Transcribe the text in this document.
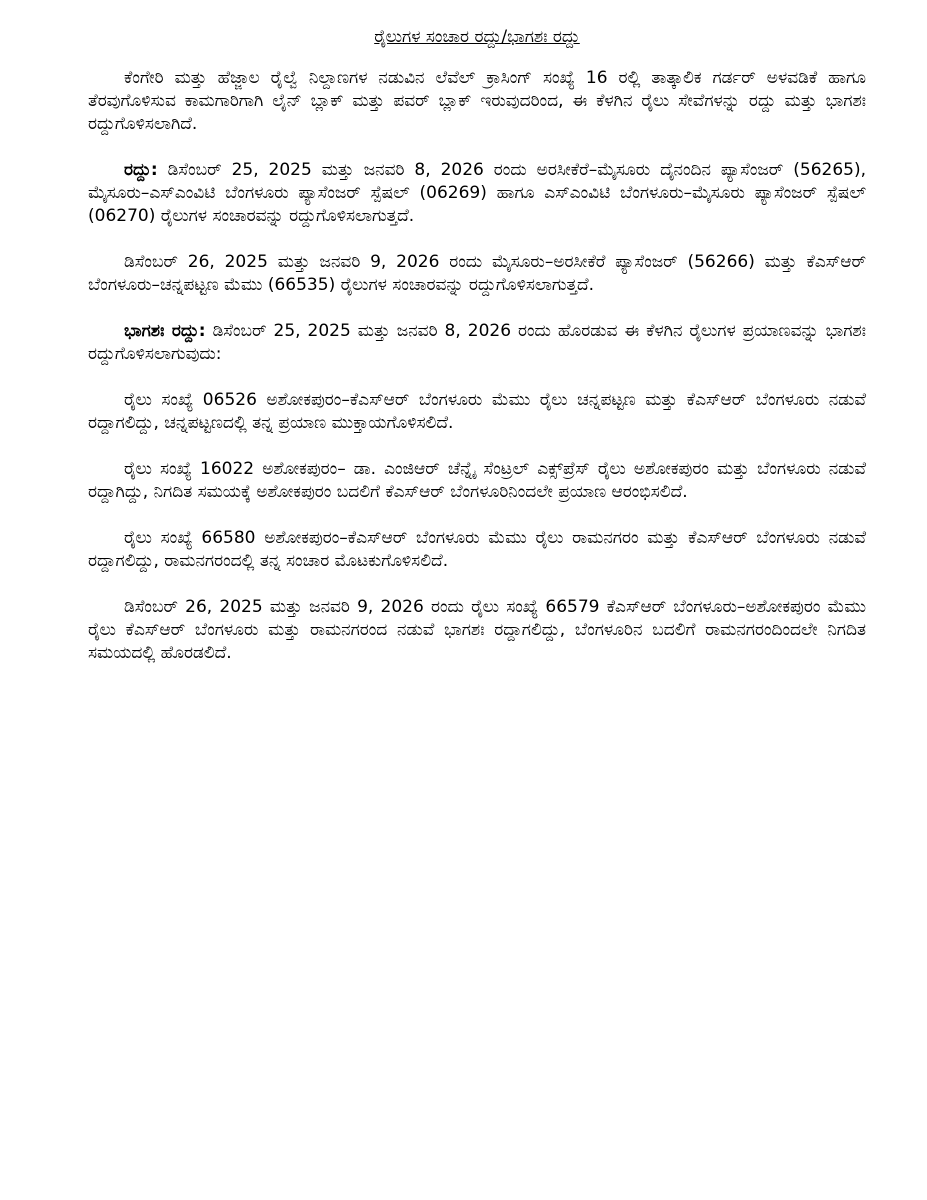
ರೈಲುಗಳ ಸಂಚಾರ ರದ್ದು/ಭಾಗಶಃ ರದ್ದು

ಕೆಂಗೇರಿ ಮತ್ತು ಹೆಜ್ಜಾಲ ರೈಲ್ವೆ ನಿಲ್ದಾಣಗಳ ನಡುವಿನ ಲೆವೆಲ್ ಕ್ರಾಸಿಂಗ್ ಸಂಖ್ಯೆ 16 ರಲ್ಲಿ ತಾತ್ಕಾಲಿಕ ಗರ್ಡರ್ ಅಳವಡಿಕೆ ಹಾಗೂ ತೆರವುಗೊಳಿಸುವ ಕಾಮಗಾರಿಗಾಗಿ ಲೈನ್ ಬ್ಲಾಕ್ ಮತ್ತು ಪವರ್ ಬ್ಲಾಕ್ ಇರುವುದರಿಂದ, ಈ ಕೆಳಗಿನ ರೈಲು ಸೇವೆಗಳನ್ನು ರದ್ದು ಮತ್ತು ಭಾಗಶಃ ರದ್ದುಗೊಳಿಸಲಾಗಿದೆ.

ರದ್ದು: ಡಿಸೆಂಬರ್ 25, 2025 ಮತ್ತು ಜನವರಿ 8, 2026 ರಂದು ಅರಸೀಕೆರೆ–ಮೈಸೂರು ದೈನಂದಿನ ಪ್ಯಾಸೆಂಜರ್ (56265), ಮೈಸೂರು–ಎಸ್‌ಎಂವಿಟಿ ಬೆಂಗಳೂರು ಪ್ಯಾಸೆಂಜರ್ ಸ್ಪೆಷಲ್ (06269) ಹಾಗೂ ಎಸ್‌ಎಂವಿಟಿ ಬೆಂಗಳೂರು–ಮೈಸೂರು ಪ್ಯಾಸೆಂಜರ್ ಸ್ಪೆಷಲ್ (06270) ರೈಲುಗಳ ಸಂಚಾರವನ್ನು ರದ್ದುಗೊಳಿಸಲಾಗುತ್ತದೆ.

ಡಿಸೆಂಬರ್ 26, 2025 ಮತ್ತು ಜನವರಿ 9, 2026 ರಂದು ಮೈಸೂರು–ಅರಸೀಕೆರೆ ಪ್ಯಾಸೆಂಜರ್ (56266) ಮತ್ತು ಕೆಎಸ್‌ಆರ್ ಬೆಂಗಳೂರು–ಚನ್ನಪಟ್ಟಣ ಮೆಮು (66535) ರೈಲುಗಳ ಸಂಚಾರವನ್ನು ರದ್ದುಗೊಳಿಸಲಾಗುತ್ತದೆ.

ಭಾಗಶಃ ರದ್ದು: ಡಿಸೆಂಬರ್ 25, 2025 ಮತ್ತು ಜನವರಿ 8, 2026 ರಂದು ಹೊರಡುವ ಈ ಕೆಳಗಿನ ರೈಲುಗಳ ಪ್ರಯಾಣವನ್ನು ಭಾಗಶಃ ರದ್ದುಗೊಳಿಸಲಾಗುವುದು:

ರೈಲು ಸಂಖ್ಯೆ 06526 ಅಶೋಕಪುರಂ–ಕೆಎಸ್‌ಆರ್ ಬೆಂಗಳೂರು ಮೆಮು ರೈಲು ಚನ್ನಪಟ್ಟಣ ಮತ್ತು ಕೆಎಸ್‌ಆರ್ ಬೆಂಗಳೂರು ನಡುವೆ ರದ್ದಾಗಲಿದ್ದು, ಚನ್ನಪಟ್ಟಣದಲ್ಲಿ ತನ್ನ ಪ್ರಯಾಣ ಮುಕ್ತಾಯಗೊಳಿಸಲಿದೆ.

ರೈಲು ಸಂಖ್ಯೆ 16022 ಅಶೋಕಪುರಂ– ಡಾ. ಎಂಜಿಆರ್ ಚೆನ್ನೈ ಸೆಂಟ್ರಲ್ ಎಕ್ಸ್‌ಪ್ರೆಸ್ ರೈಲು ಅಶೋಕಪುರಂ ಮತ್ತು ಬೆಂಗಳೂರು ನಡುವೆ ರದ್ದಾಗಿದ್ದು, ನಿಗದಿತ ಸಮಯಕ್ಕೆ ಅಶೋಕಪುರಂ ಬದಲಿಗೆ ಕೆಎಸ್‌ಆರ್ ಬೆಂಗಳೂರಿನಿಂದಲೇ ಪ್ರಯಾಣ ಆರಂಭಿಸಲಿದೆ.

ರೈಲು ಸಂಖ್ಯೆ 66580 ಅಶೋಕಪುರಂ–ಕೆಎಸ್‌ಆರ್ ಬೆಂಗಳೂರು ಮೆಮು ರೈಲು ರಾಮನಗರಂ ಮತ್ತು ಕೆಎಸ್‌ಆರ್ ಬೆಂಗಳೂರು ನಡುವೆ ರದ್ದಾಗಲಿದ್ದು, ರಾಮನಗರಂದಲ್ಲಿ ತನ್ನ ಸಂಚಾರ ಮೊಟಕುಗೊಳಿಸಲಿದೆ.

ಡಿಸೆಂಬರ್ 26, 2025 ಮತ್ತು ಜನವರಿ 9, 2026 ರಂದು ರೈಲು ಸಂಖ್ಯೆ 66579 ಕೆಎಸ್‌ಆರ್ ಬೆಂಗಳೂರು–ಅಶೋಕಪುರಂ ಮೆಮು ರೈಲು ಕೆಎಸ್‌ಆರ್ ಬೆಂಗಳೂರು ಮತ್ತು ರಾಮನಗರಂದ ನಡುವೆ ಭಾಗಶಃ ರದ್ದಾಗಲಿದ್ದು, ಬೆಂಗಳೂರಿನ ಬದಲಿಗೆ ರಾಮನಗರಂದಿಂದಲೇ ನಿಗದಿತ ಸಮಯದಲ್ಲಿ ಹೊರಡಲಿದೆ.
